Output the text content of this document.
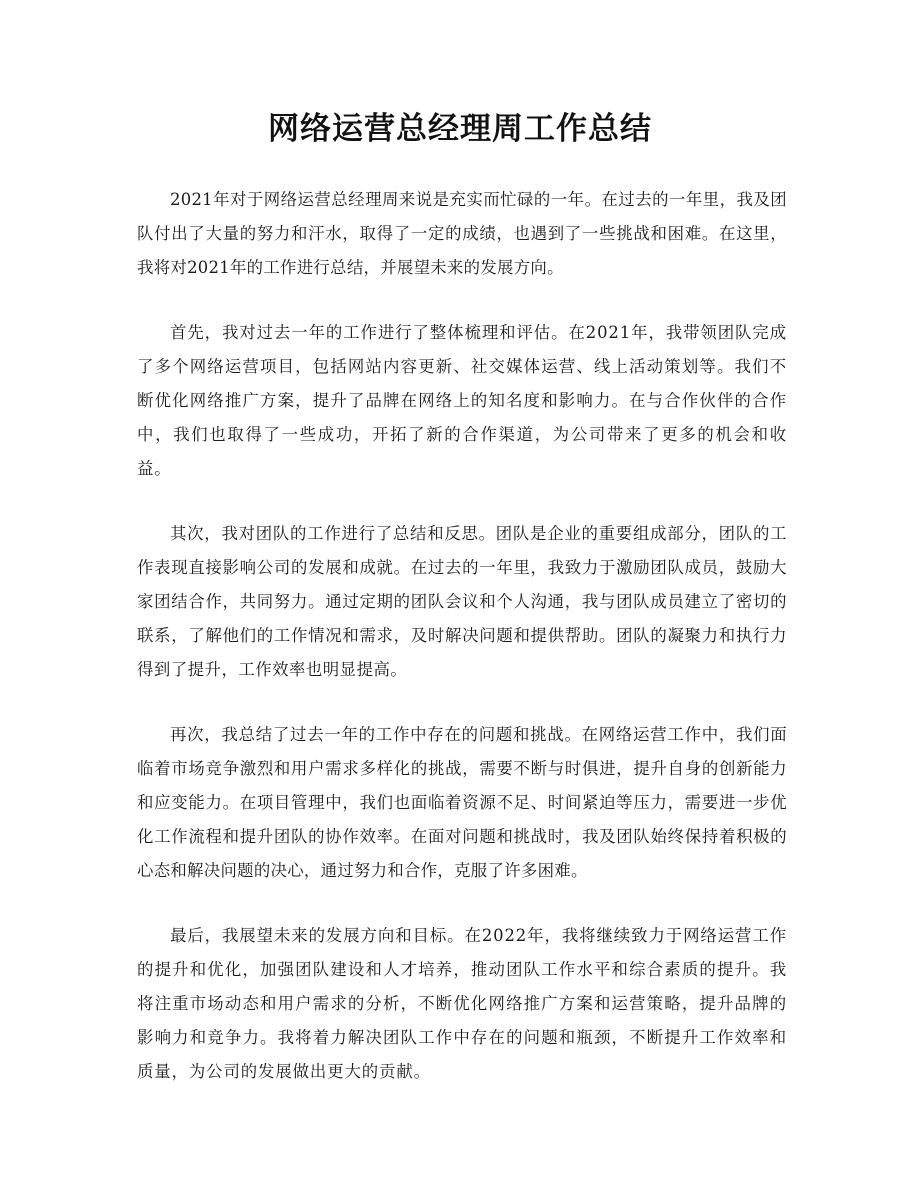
网络运营总经理周工作总结

2021年对于网络运营总经理周来说是充实而忙碌的一年。在过去的一年里，我及团队付出了大量的努力和汗水，取得了一定的成绩，也遇到了一些挑战和困难。在这里，我将对2021年的工作进行总结，并展望未来的发展方向。

首先，我对过去一年的工作进行了整体梳理和评估。在2021年，我带领团队完成了多个网络运营项目，包括网站内容更新、社交媒体运营、线上活动策划等。我们不断优化网络推广方案，提升了品牌在网络上的知名度和影响力。在与合作伙伴的合作中，我们也取得了一些成功，开拓了新的合作渠道，为公司带来了更多的机会和收益。

其次，我对团队的工作进行了总结和反思。团队是企业的重要组成部分，团队的工作表现直接影响公司的发展和成就。在过去的一年里，我致力于激励团队成员，鼓励大家团结合作，共同努力。通过定期的团队会议和个人沟通，我与团队成员建立了密切的联系，了解他们的工作情况和需求，及时解决问题和提供帮助。团队的凝聚力和执行力得到了提升，工作效率也明显提高。

再次，我总结了过去一年的工作中存在的问题和挑战。在网络运营工作中，我们面临着市场竞争激烈和用户需求多样化的挑战，需要不断与时俱进，提升自身的创新能力和应变能力。在项目管理中，我们也面临着资源不足、时间紧迫等压力，需要进一步优化工作流程和提升团队的协作效率。在面对问题和挑战时，我及团队始终保持着积极的心态和解决问题的决心，通过努力和合作，克服了许多困难。

最后，我展望未来的发展方向和目标。在2022年，我将继续致力于网络运营工作的提升和优化，加强团队建设和人才培养，推动团队工作水平和综合素质的提升。我将注重市场动态和用户需求的分析，不断优化网络推广方案和运营策略，提升品牌的影响力和竞争力。我将着力解决团队工作中存在的问题和瓶颈，不断提升工作效率和质量，为公司的发展做出更大的贡献。
